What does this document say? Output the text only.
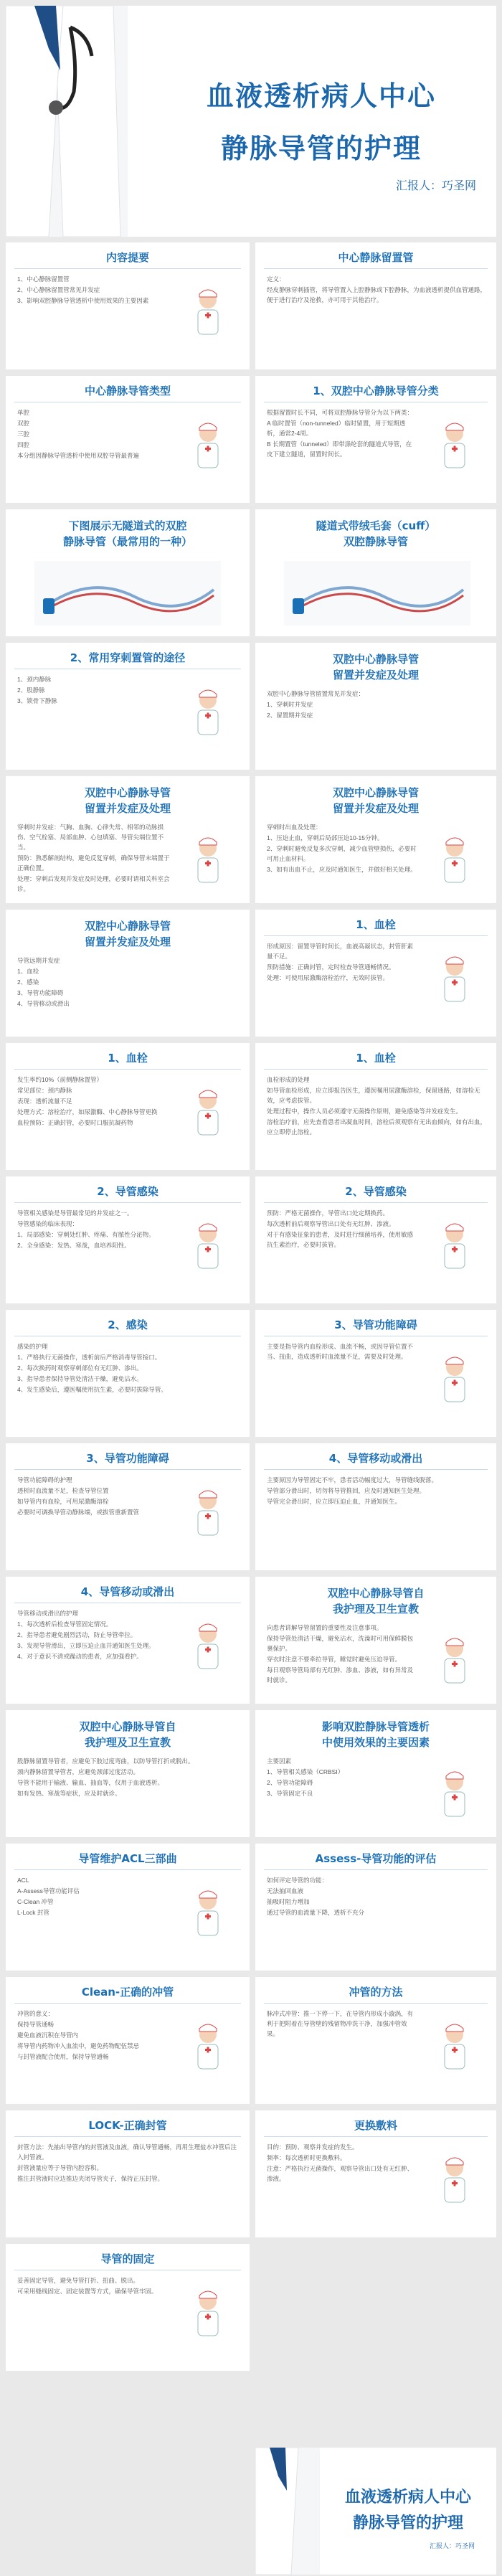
血液透析病人中心
静脉导管的护理
汇报人：巧圣网
内容提要

1、中心静脉留置管

2、中心静脉留置管常见并发症

3、影响双腔静脉导管透析中使用效果的主要因素

中心静脉留置管

定义：

经皮静脉穿刺插管，将导管置入上腔静脉或下腔静脉，为血液透析提供血管通路，便于进行治疗及抢救，亦可用于其他治疗。

中心静脉导管类型

单腔

双腔

三腔

四腔

本分组因静脉导管透析中使用双腔导管最普遍

1、双腔中心静脉导管分类

根据留置时长不同，可将双腔静脉导管分为以下两类：

A 临时置管（non-tunneled）临时留置，用于短期透析，通常2-4周。

B 长期置管（tunneled）即带涤纶套的隧道式导管，在皮下建立隧道，留置时间长。

下图展示无隧道式的双腔
静脉导管（最常用的一种）
隧道式带绒毛套（cuff）
双腔静脉导管
2、常用穿刺置管的途径

1、颈内静脉

2、股静脉

3、锁骨下静脉

双腔中心静脉导管
留置并发症及处理

双腔中心静脉导管留置常见并发症：

1、穿刺时并发症

2、留置期并发症

双腔中心静脉导管
留置并发症及处理

穿刺时并发症：气胸、血胸、心律失常、相邻的动脉损伤、空气栓塞、局部血肿、心包填塞、导管尖端位置不当。

预防：熟悉解剖结构，避免反复穿刺，确保导管末端置于正确位置。

处理：穿刺后发现并发症及时处理，必要时请相关科室会诊。

双腔中心静脉导管
留置并发症及处理

穿刺时出血及处理：

1、压迫止血，穿刺后局部压迫10-15分钟。

2、穿刺时避免反复多次穿刺，减少血管壁损伤，必要时可用止血材料。

3、如有出血不止，应及时通知医生，并做好相关处理。

双腔中心静脉导管
留置并发症及处理

导管远期并发症

1、血栓

2、感染

3、导管功能障碍

4、导管移动或滑出

1、血栓

形成原因：留置导管时间长，血液高凝状态，封管肝素量不足。

预防措施：正确封管，定时检查导管通畅情况。

处理：可使用尿激酶溶栓治疗，无效时拔管。

1、血栓

发生率约10%（前侧静脉置管）

常见部位：颈内静脉

表现：透析流量不足

处理方式：溶栓治疗，如尿激酶、中心静脉导管更换

血栓预防：正确封管，必要时口服抗凝药物

1、血栓

血栓形成的处理

如导管血栓形成，应立即报告医生，遵医嘱用尿激酶溶栓，保留通路，如溶栓无效，应考虑拔管。

处理过程中，操作人员必须遵守无菌操作原则，避免感染等并发症发生。

溶栓治疗前，应先查看患者出凝血时间，溶栓后须观察有无出血倾向，如有出血，应立即停止溶栓。

2、导管感染

导管相关感染是导管最常见的并发症之一。

导管感染的临床表现：

1、局部感染：穿刺处红肿、疼痛、有脓性分泌物。

2、全身感染：发热、寒战，血培养阳性。

2、导管感染

预防：严格无菌操作，导管出口处定期换药。

每次透析前后观察导管出口处有无红肿、渗液。

对于有感染征象的患者，及时进行细菌培养，使用敏感抗生素治疗，必要时拔管。

2、感染

感染的护理

1、严格执行无菌操作，透析前后严格消毒导管接口。

2、每次换药时观察穿刺部位有无红肿、渗出。

3、指导患者保持导管处清洁干燥，避免沾水。

4、发生感染后，遵医嘱使用抗生素，必要时拔除导管。

3、导管功能障碍

主要是指导管内血栓形成、血流不畅，或因导管位置不当、扭曲，造成透析时血流量不足，需要及时处理。

3、导管功能障碍

导管功能障碍的护理

透析时血流量不足，检查导管位置

如导管内有血栓，可用尿激酶溶栓

必要时可调换导管动静脉端，或拔管重新置管

4、导管移动或滑出

主要原因为导管固定不牢，患者活动幅度过大，导管缝线脱落。

导管部分滑出时，切勿将导管推回，应及时通知医生处理。

导管完全滑出时，应立即压迫止血，并通知医生。

4、导管移动或滑出

导管移动或滑出的护理

1、每次透析后检查导管固定情况。

2、指导患者避免剧烈活动，防止导管牵拉。

3、发现导管滑出，立即压迫止血并通知医生处理。

4、对于意识不清或躁动的患者，应加强看护。

双腔中心静脉导管自
我护理及卫生宣教

向患者讲解导管留置的重要性及注意事项。

保持导管处清洁干燥，避免沾水，洗澡时可用保鲜膜包裹保护。

穿衣时注意不要牵拉导管，睡觉时避免压迫导管。

每日观察导管局部有无红肿、渗血、渗液，如有异常及时就诊。

双腔中心静脉导管自
我护理及卫生宣教

股静脉留置导管者，应避免下肢过度弯曲，以防导管打折或脱出。

颈内静脉留置导管者，应避免颈部过度活动。

导管不能用于输液、输血、抽血等，仅用于血液透析。

如有发热、寒战等症状，应及时就诊。

影响双腔静脉导管透析
中使用效果的主要因素

主要因素

1、导管相关感染（CRBSI）

2、导管功能障碍

3、导管固定不良

导管维护ACL三部曲

ACL

A-Assess导管功能评估

C-Clean 冲管

L-Lock 封管

Assess-导管功能的评估

如何评定导管的功能：

无法抽回血液

抽吸时阻力增加

通过导管的血流量下降，透析不充分

Clean-正确的冲管

冲管的意义：

保持导管通畅

避免血液沉积在导管内

将导管内药物冲入血流中，避免药物配伍禁忌

与封管液配合使用，保持导管通畅

冲管的方法

脉冲式冲管：推一下停一下，在导管内形成小漩涡，有利于把附着在导管壁的残留物冲洗干净，加强冲管效果。

LOCK-正确封管

封管方法：先抽出导管内的封管液及血液，确认导管通畅，再用生理盐水冲管后注入封管液。

封管液量应等于导管内腔容积。

推注封管液时应边推边夹闭导管夹子，保持正压封管。

更换敷料

目的：预防、观察并发症的发生。

频率：每次透析时更换敷料。

注意：严格执行无菌操作，观察导管出口处有无红肿、渗液。

导管的固定

妥善固定导管，避免导管打折、扭曲、脱出。

可采用缝线固定、固定装置等方式，确保导管牢固。

血液透析病人中心
静脉导管的护理
汇报人：巧圣网
